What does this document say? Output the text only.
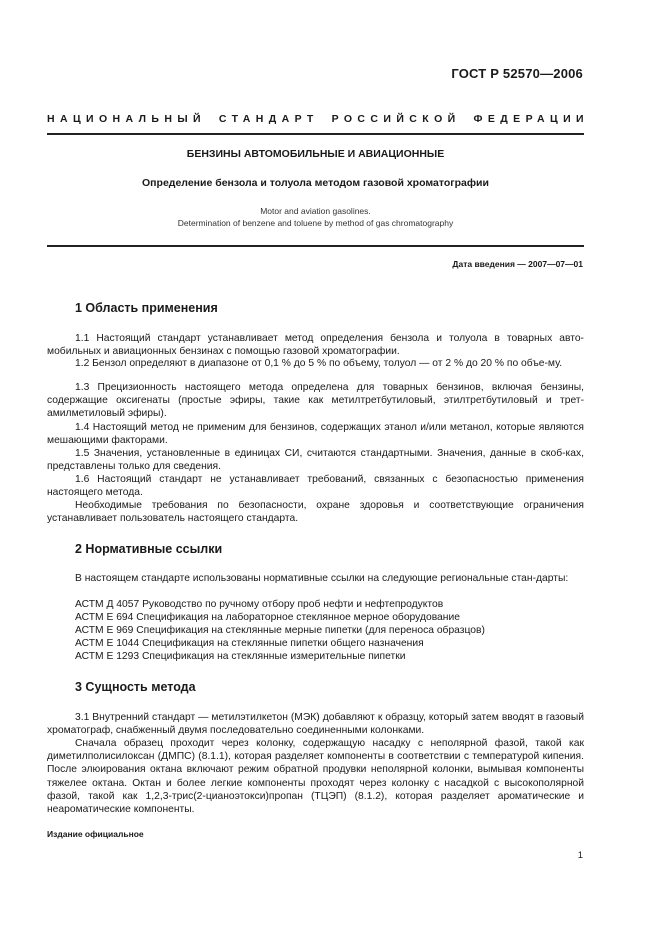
ГОСТ Р 52570—2006
НАЦИОНАЛЬНЫЙ СТАНДАРТ РОССИЙСКОЙ ФЕДЕРАЦИИ
БЕНЗИНЫ АВТОМОБИЛЬНЫЕ И АВИАЦИОННЫЕ
Определение бензола и толуола методом газовой хроматографии
Motor and aviation gasolines.
Determination of benzene and toluene by method of gas chromatography
Дата введения — 2007—07—01
1 Область применения
1.1 Настоящий стандарт устанавливает метод определения бензола и толуола в товарных авто-мобильных и авиационных бензинах с помощью газовой хроматографии.
1.2 Бензол определяют в диапазоне от 0,1 % до 5 % по объему, толуол — от 2 % до 20 % по объе-му.
1.3 Прецизионность настоящего метода определена для товарных бензинов, включая бензины, содержащие оксигенаты (простые эфиры, такие как метилтретбутиловый, этилтретбутиловый и трет-амилметиловый эфиры).
1.4 Настоящий метод не применим для бензинов, содержащих этанол и/или метанол, которые являются мешающими факторами.
1.5 Значения, установленные в единицах СИ, считаются стандартными. Значения, данные в скоб-ках, представлены только для сведения.
1.6 Настоящий стандарт не устанавливает требований, связанных с безопасностью применения настоящего метода.
Необходимые требования по безопасности, охране здоровья и соответствующие ограничения устанавливает пользователь настоящего стандарта.
2 Нормативные ссылки
В настоящем стандарте использованы нормативные ссылки на следующие региональные стан-дарты:
АСТМ Д 4057 Руководство по ручному отбору проб нефти и нефтепродуктов
АСТМ Е 694 Спецификация на лабораторное стеклянное мерное оборудование
АСТМ Е 969 Спецификация на стеклянные мерные пипетки (для переноса образцов)
АСТМ Е 1044 Спецификация на стеклянные пипетки общего назначения
АСТМ Е 1293 Спецификация на стеклянные измерительные пипетки
3 Сущность метода
3.1 Внутренний стандарт — метилэтилкетон (МЭК) добавляют к образцу, который затем вводят в газовый хроматограф, снабженный двумя последовательно соединенными колонками.
Сначала образец проходит через колонку, содержащую насадку с неполярной фазой, такой как диметилполисилоксан (ДМПС) (8.1.1), которая разделяет компоненты в соответствии с температурой кипения. После элюирования октана включают режим обратной продувки неполярной колонки, вымывая компоненты тяжелее октана. Октан и более легкие компоненты проходят через колонку с насадкой с высокополярной фазой, такой как 1,2,3-трис(2-цианоэтокси)пропан (ТЦЭП) (8.1.2), которая разделяет ароматические и неароматические компоненты.
Издание официальное
1
